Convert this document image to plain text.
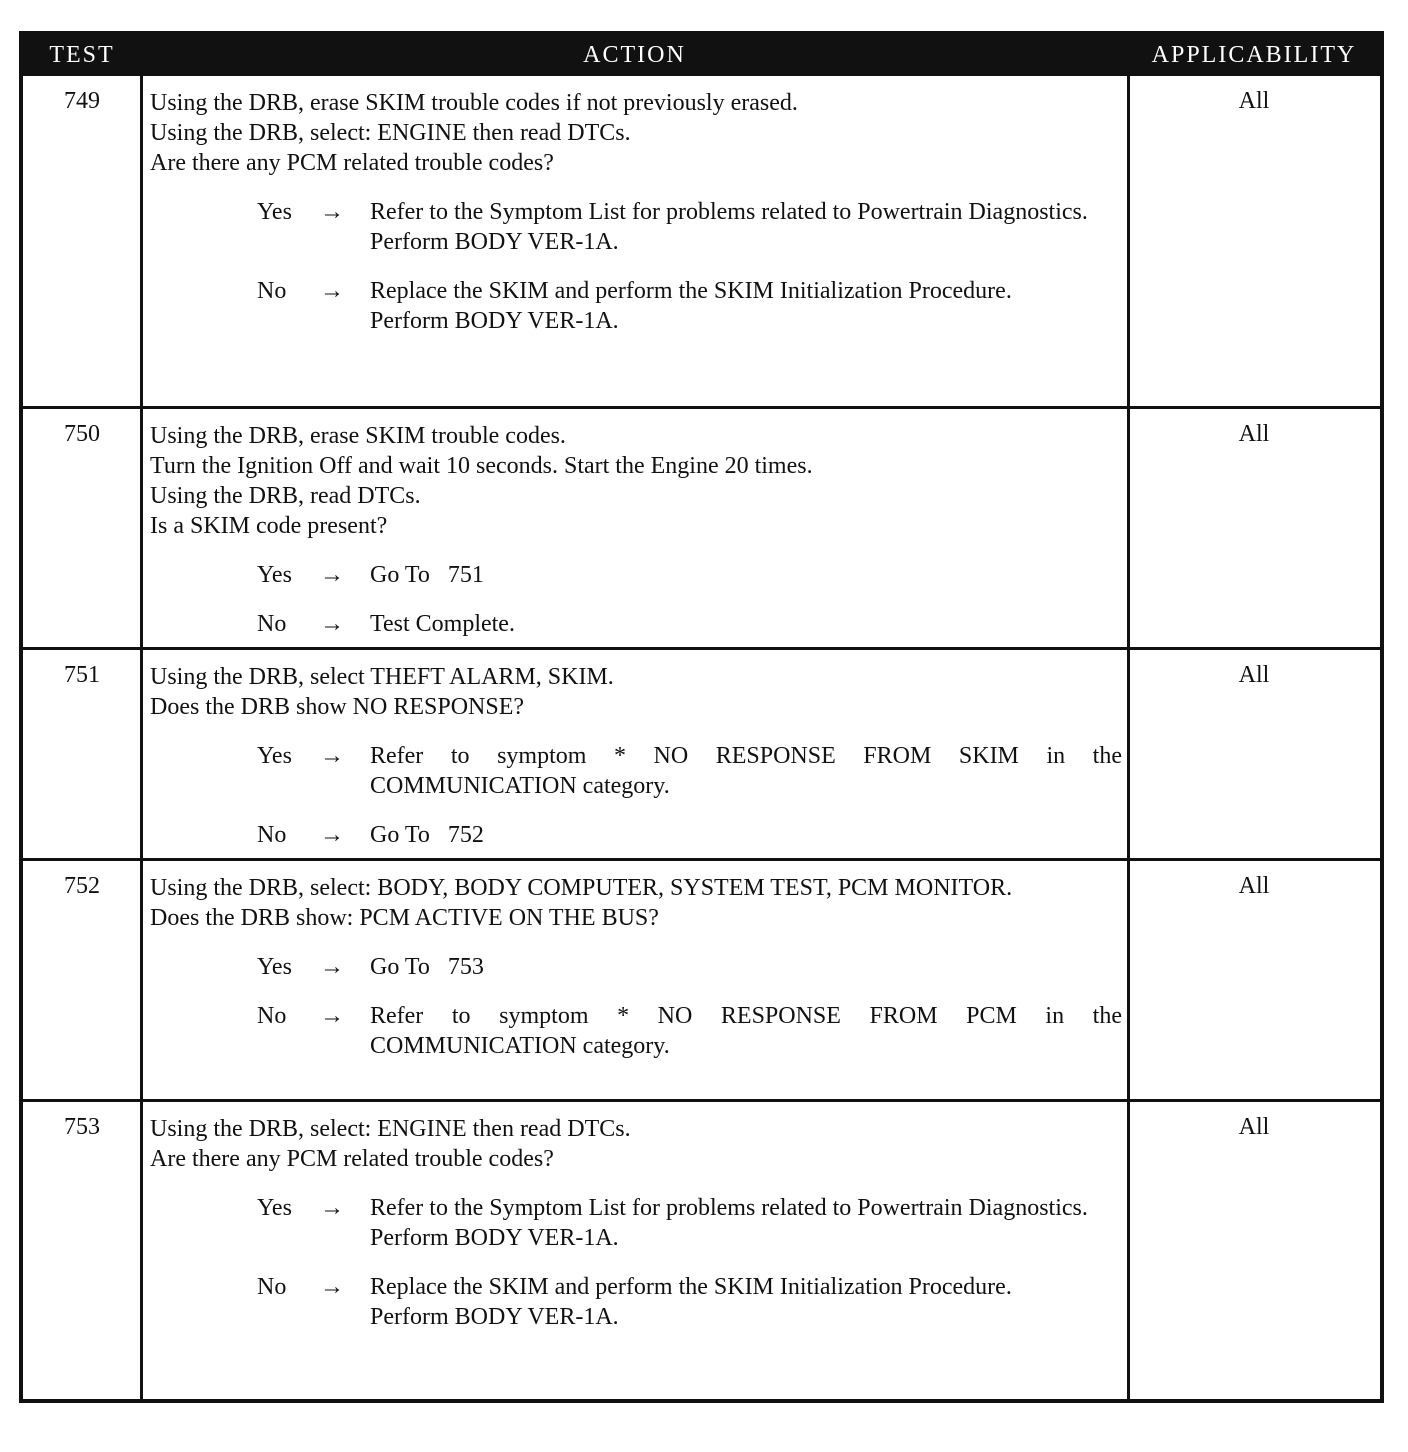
TEST	ACTION	APPLICABILITY
749	Using the DRB, erase SKIM trouble codes if not previously erased.
Using the DRB, select: ENGINE then read DTCs.
Are there any PCM related trouble codes?
Yes → Refer to the Symptom List for problems related to Powertrain Diagnostics.
Perform BODY VER-1A.
No → Replace the SKIM and perform the SKIM Initialization Procedure.
Perform BODY VER-1A.
All
750	Using the DRB, erase SKIM trouble codes.
Turn the Ignition Off and wait 10 seconds. Start the Engine 20 times.
Using the DRB, read DTCs.
Is a SKIM code present?
Yes → Go To   751
No → Test Complete.
All
751	Using the DRB, select THEFT ALARM, SKIM.
Does the DRB show NO RESPONSE?
Yes → Refer to symptom * NO RESPONSE FROM SKIM in the COMMUNICATION category.
No → Go To   752
All
752	Using the DRB, select: BODY, BODY COMPUTER, SYSTEM TEST, PCM MONITOR.
Does the DRB show: PCM ACTIVE ON THE BUS?
Yes → Go To   753
No → Refer to symptom * NO RESPONSE FROM PCM in the COMMUNICATION category.
All
753	Using the DRB, select: ENGINE then read DTCs.
Are there any PCM related trouble codes?
Yes → Refer to the Symptom List for problems related to Powertrain Diagnostics.
Perform BODY VER-1A.
No → Replace the SKIM and perform the SKIM Initialization Procedure.
Perform BODY VER-1A.
All
